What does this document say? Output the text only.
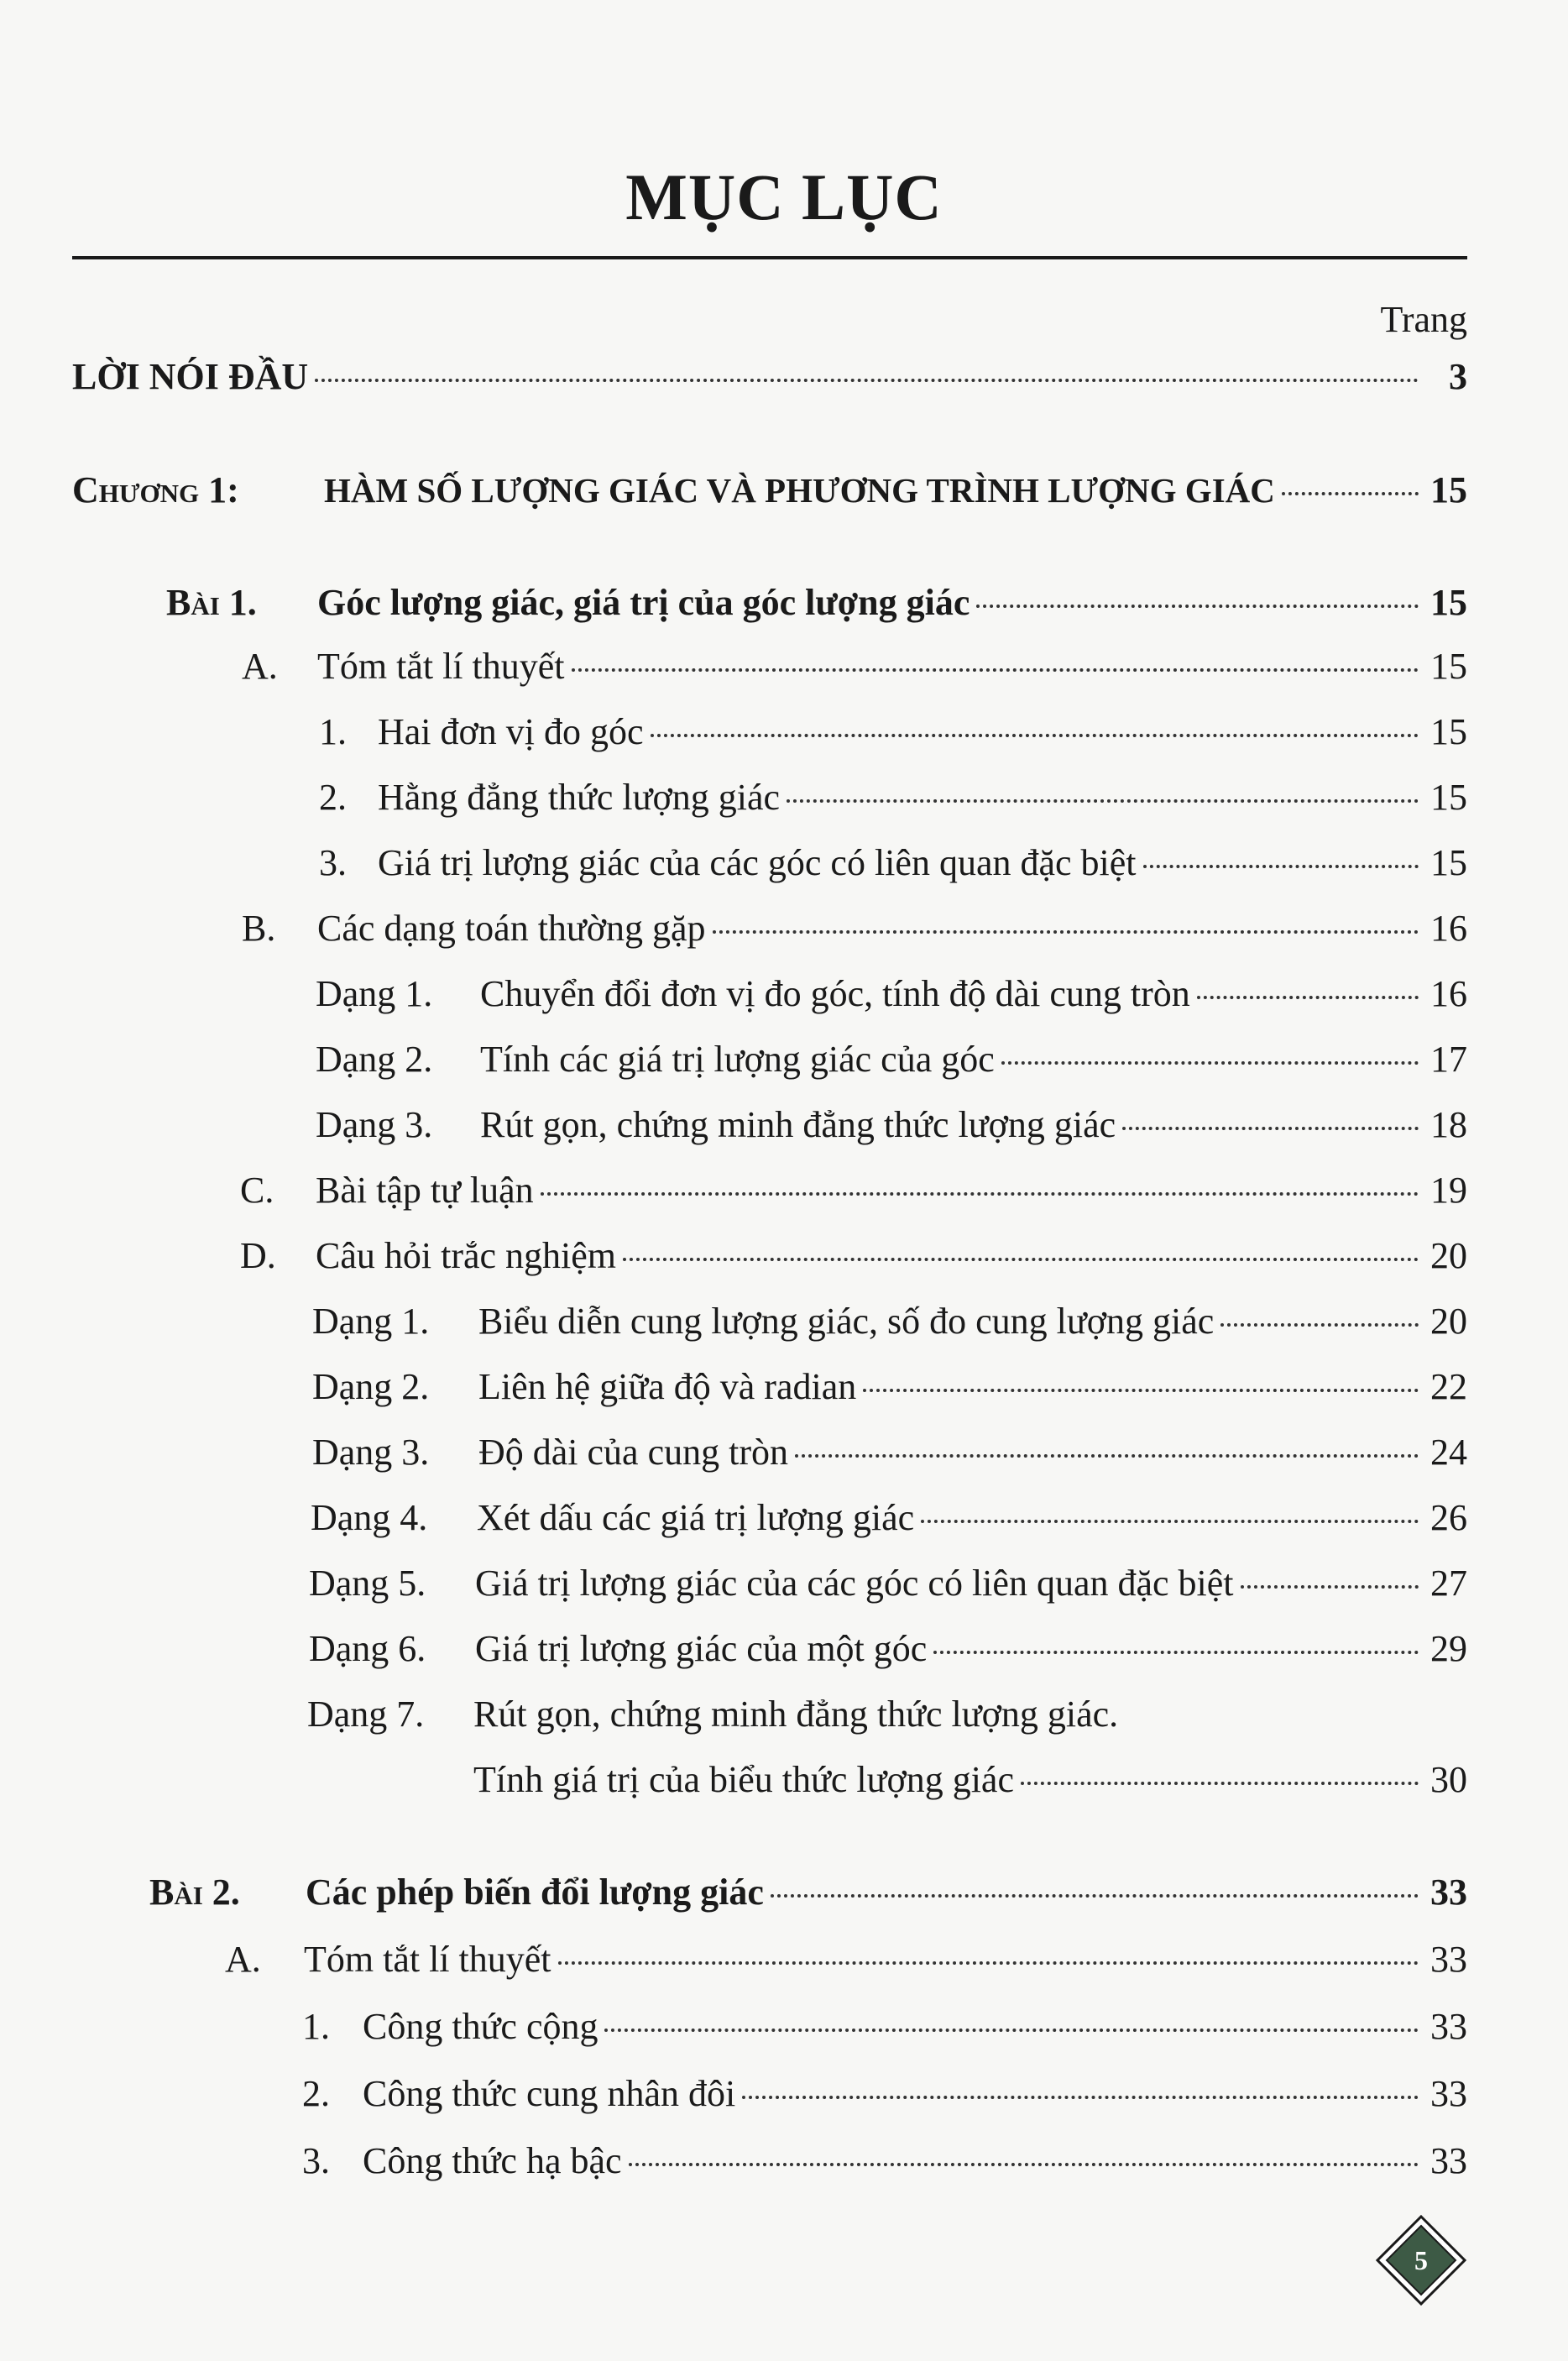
MỤC LỤC
Trang
LỜI NÓI ĐẦU	3
Chương 1:	HÀM SỐ LƯỢNG GIÁC VÀ PHƯƠNG TRÌNH LƯỢNG GIÁC	15
Bài 1.	Góc lượng giác, giá trị của góc lượng giác	15
A.	Tóm tắt lí thuyết	15
1. Hai đơn vị đo góc	15
2. Hằng đẳng thức lượng giác	15
3. Giá trị lượng giác của các góc có liên quan đặc biệt	15
B.	Các dạng toán thường gặp	16
Dạng 1.	Chuyển đổi đơn vị đo góc, tính độ dài cung tròn	16
Dạng 2.	Tính các giá trị lượng giác của góc	17
Dạng 3.	Rút gọn, chứng minh đẳng thức lượng giác	18
C.	Bài tập tự luận	19
D.	Câu hỏi trắc nghiệm	20
Dạng 1.	Biểu diễn cung lượng giác, số đo cung lượng giác	20
Dạng 2.	Liên hệ giữa độ và radian	22
Dạng 3.	Độ dài của cung tròn	24
Dạng 4.	Xét dấu các giá trị lượng giác	26
Dạng 5.	Giá trị lượng giác của các góc có liên quan đặc biệt	27
Dạng 6.	Giá trị lượng giác của một góc	29
Dạng 7. Rút gọn, chứng minh đẳng thức lượng giác.
Tính giá trị của biểu thức lượng giác	30
Bài 2.	Các phép biến đổi lượng giác	33
A.	Tóm tắt lí thuyết	33
1. Công thức cộng	33
2. Công thức cung nhân đôi	33
3. Công thức hạ bậc	33
5
